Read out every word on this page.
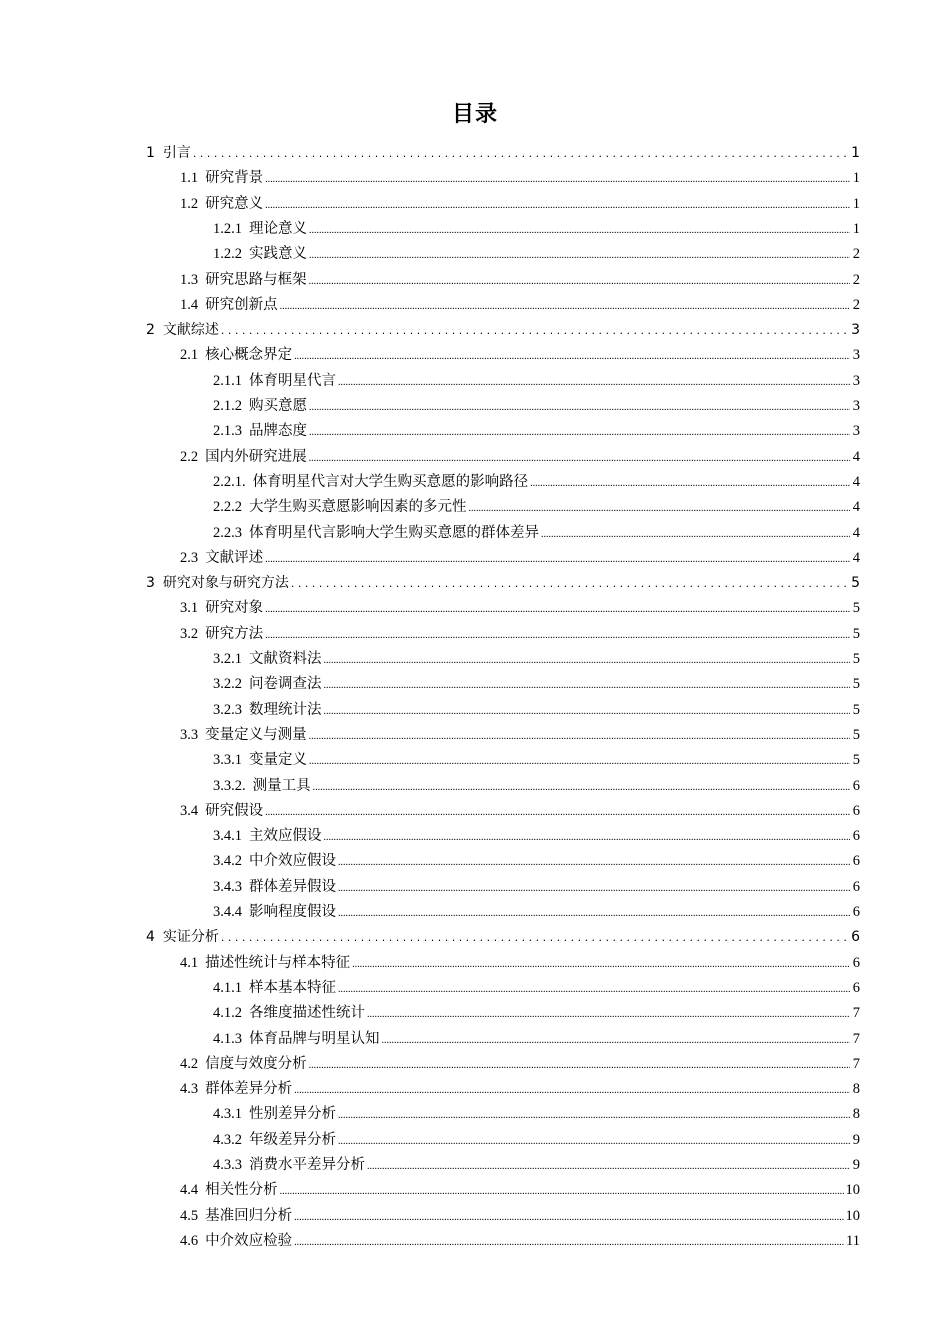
目录
1 引言 . . .	1
1.1 研究背景 .....	1
1.2 研究意义 .....	1
1.2.1 理论意义 .....	1
1.2.2 实践意义 .....	2
1.3 研究思路与框架 .....	2
1.4 研究创新点 .....	2
2 文献综述 . . .	3
2.1 核心概念界定 .....	3
2.1.1 体育明星代言 .....	3
2.1.2 购买意愿 .....	3
2.1.3 品牌态度 .....	3
2.2 国内外研究进展 .....	4
2.2.1. 体育明星代言对大学生购买意愿的影响路径 .....	4
2.2.2 大学生购买意愿影响因素的多元性 .....	4
2.2.3 体育明星代言影响大学生购买意愿的群体差异 .....	4
2.3 文献评述 .....	4
3 研究对象与研究方法 . . .	5
3.1 研究对象 .....	5
3.2 研究方法 .....	5
3.2.1 文献资料法 .....	5
3.2.2 问卷调查法 .....	5
3.2.3 数理统计法 .....	5
3.3 变量定义与测量 .....	5
3.3.1 变量定义 .....	5
3.3.2. 测量工具 .....	6
3.4 研究假设 .....	6
3.4.1 主效应假设 .....	6
3.4.2 中介效应假设 .....	6
3.4.3 群体差异假设 .....	6
3.4.4 影响程度假设 .....	6
4 实证分析 . . .	6
4.1 描述性统计与样本特征 .....	6
4.1.1 样本基本特征 .....	6
4.1.2 各维度描述性统计 .....	7
4.1.3 体育品牌与明星认知 .....	7
4.2 信度与效度分析 .....	7
4.3 群体差异分析 .....	8
4.3.1 性别差异分析 .....	8
4.3.2 年级差异分析 .....	9
4.3.3 消费水平差异分析 .....	9
4.4 相关性分析 .....	10
4.5 基准回归分析 .....	10
4.6 中介效应检验 .....	11
